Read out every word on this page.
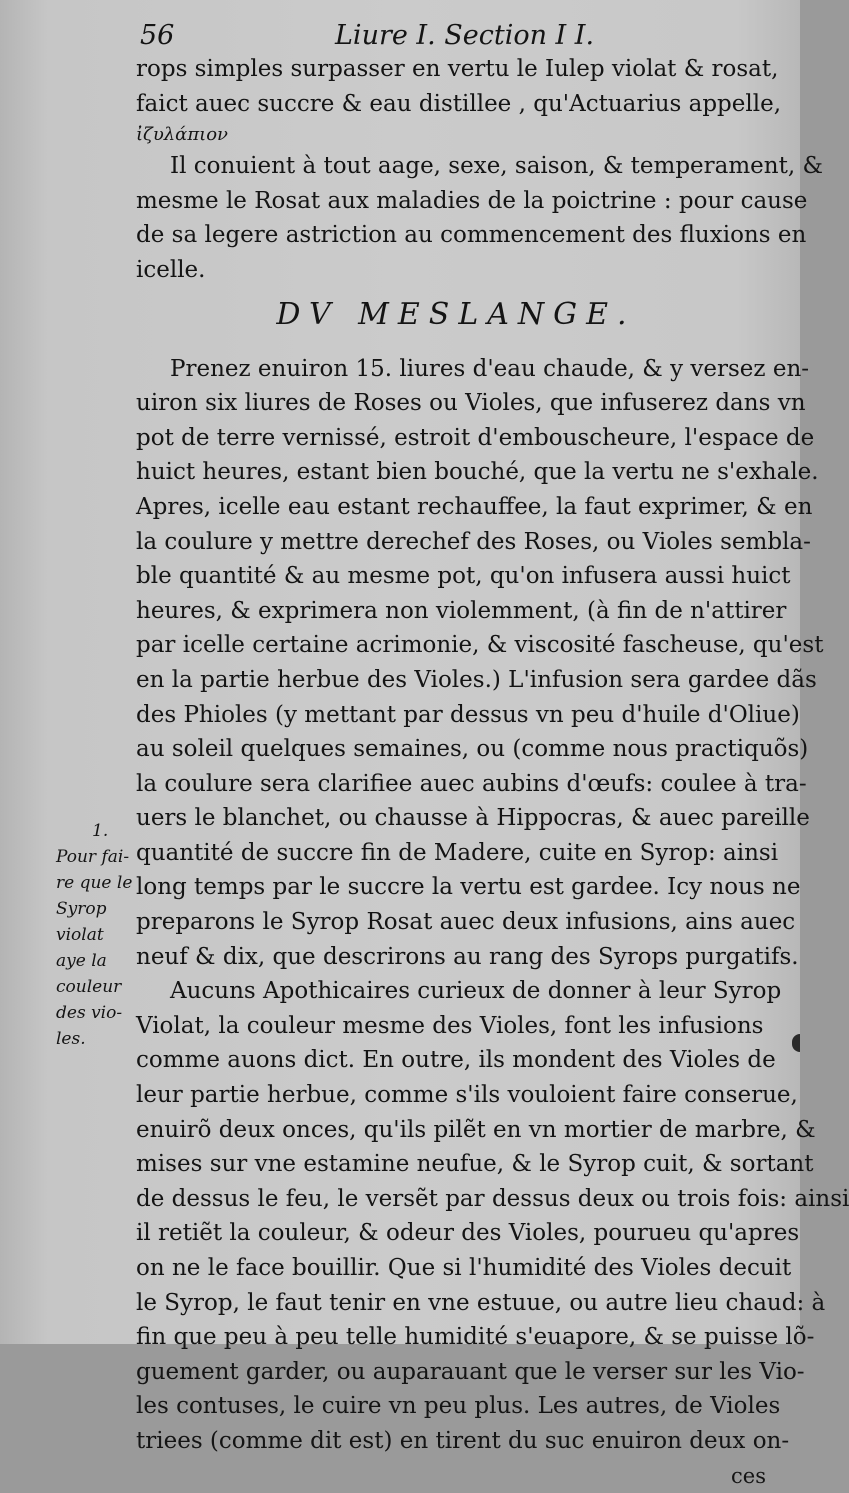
56	Liure I. Section I I.
rops simples surpasser en vertu le Iulep violat & rosat,
faict auec succre & eau distillee , qu'Actuarius appelle,
ἰζυλάπιον
Il conuient à tout aage, sexe, saison, & temperament, &
mesme le Rosat aux maladies de la poictrine : pour cause
de sa legere astriction au commencement des fluxions en
icelle.
DV MESLANGE.
Prenez enuiron 15. liures d'eau chaude, & y versez en-
uiron six liures de Roses ou Violes, que infuserez dans vn
pot de terre vernissé, estroit d'embouscheure, l'espace de
huict heures, estant bien bouché, que la vertu ne s'exhale.
Apres, icelle eau estant rechauffee, la faut exprimer, & en
la coulure y mettre derechef des Roses, ou Violes sembla-
ble quantité & au mesme pot, qu'on infusera aussi huict
heures, & exprimera non violemment, (à fin de n'attirer
par icelle certaine acrimonie, & viscosité fascheuse, qu'est
en la partie herbue des Violes.) L'infusion sera gardee dãs
des Phioles (y mettant par dessus vn peu d'huile d'Oliue)
au soleil quelques semaines, ou (comme nous practiquõs)
la coulure sera clarifiee auec aubins d'œufs: coulee à tra-
uers le blanchet, ou chausse à Hippocras, & auec pareille
quantité de succre fin de Madere, cuite en Syrop: ainsi
long temps par le succre la vertu est gardee. Icy nous ne
preparons le Syrop Rosat auec deux infusions, ains auec
neuf & dix, que descrirons au rang des Syrops purgatifs.
Aucuns Apothicaires curieux de donner à leur Syrop
Violat, la couleur mesme des Violes, font les infusions
comme auons dict. En outre, ils mondent des Violes de
leur partie herbue, comme s'ils vouloient faire conserue,
enuirõ deux onces, qu'ils pilẽt en vn mortier de marbre, &
mises sur vne estamine neufue, & le Syrop cuit, & sortant
de dessus le feu, le versẽt par dessus deux ou trois fois: ainsi
il retiẽt la couleur, & odeur des Violes, pourueu qu'apres
on ne le face bouillir. Que si l'humidité des Violes decuit
le Syrop, le faut tenir en vne estuue, ou autre lieu chaud: à
fin que peu à peu telle humidité s'euapore, & se puisse lõ-
guement garder, ou auparauant que le verser sur les Vio-
les contuses, le cuire vn peu plus. Les autres, de Violes
triees (comme dit est) en tirent du suc enuiron deux on-
ces
1.
Pour fai-
re que le
Syrop
violat
aye la
couleur
des vio-
les.
